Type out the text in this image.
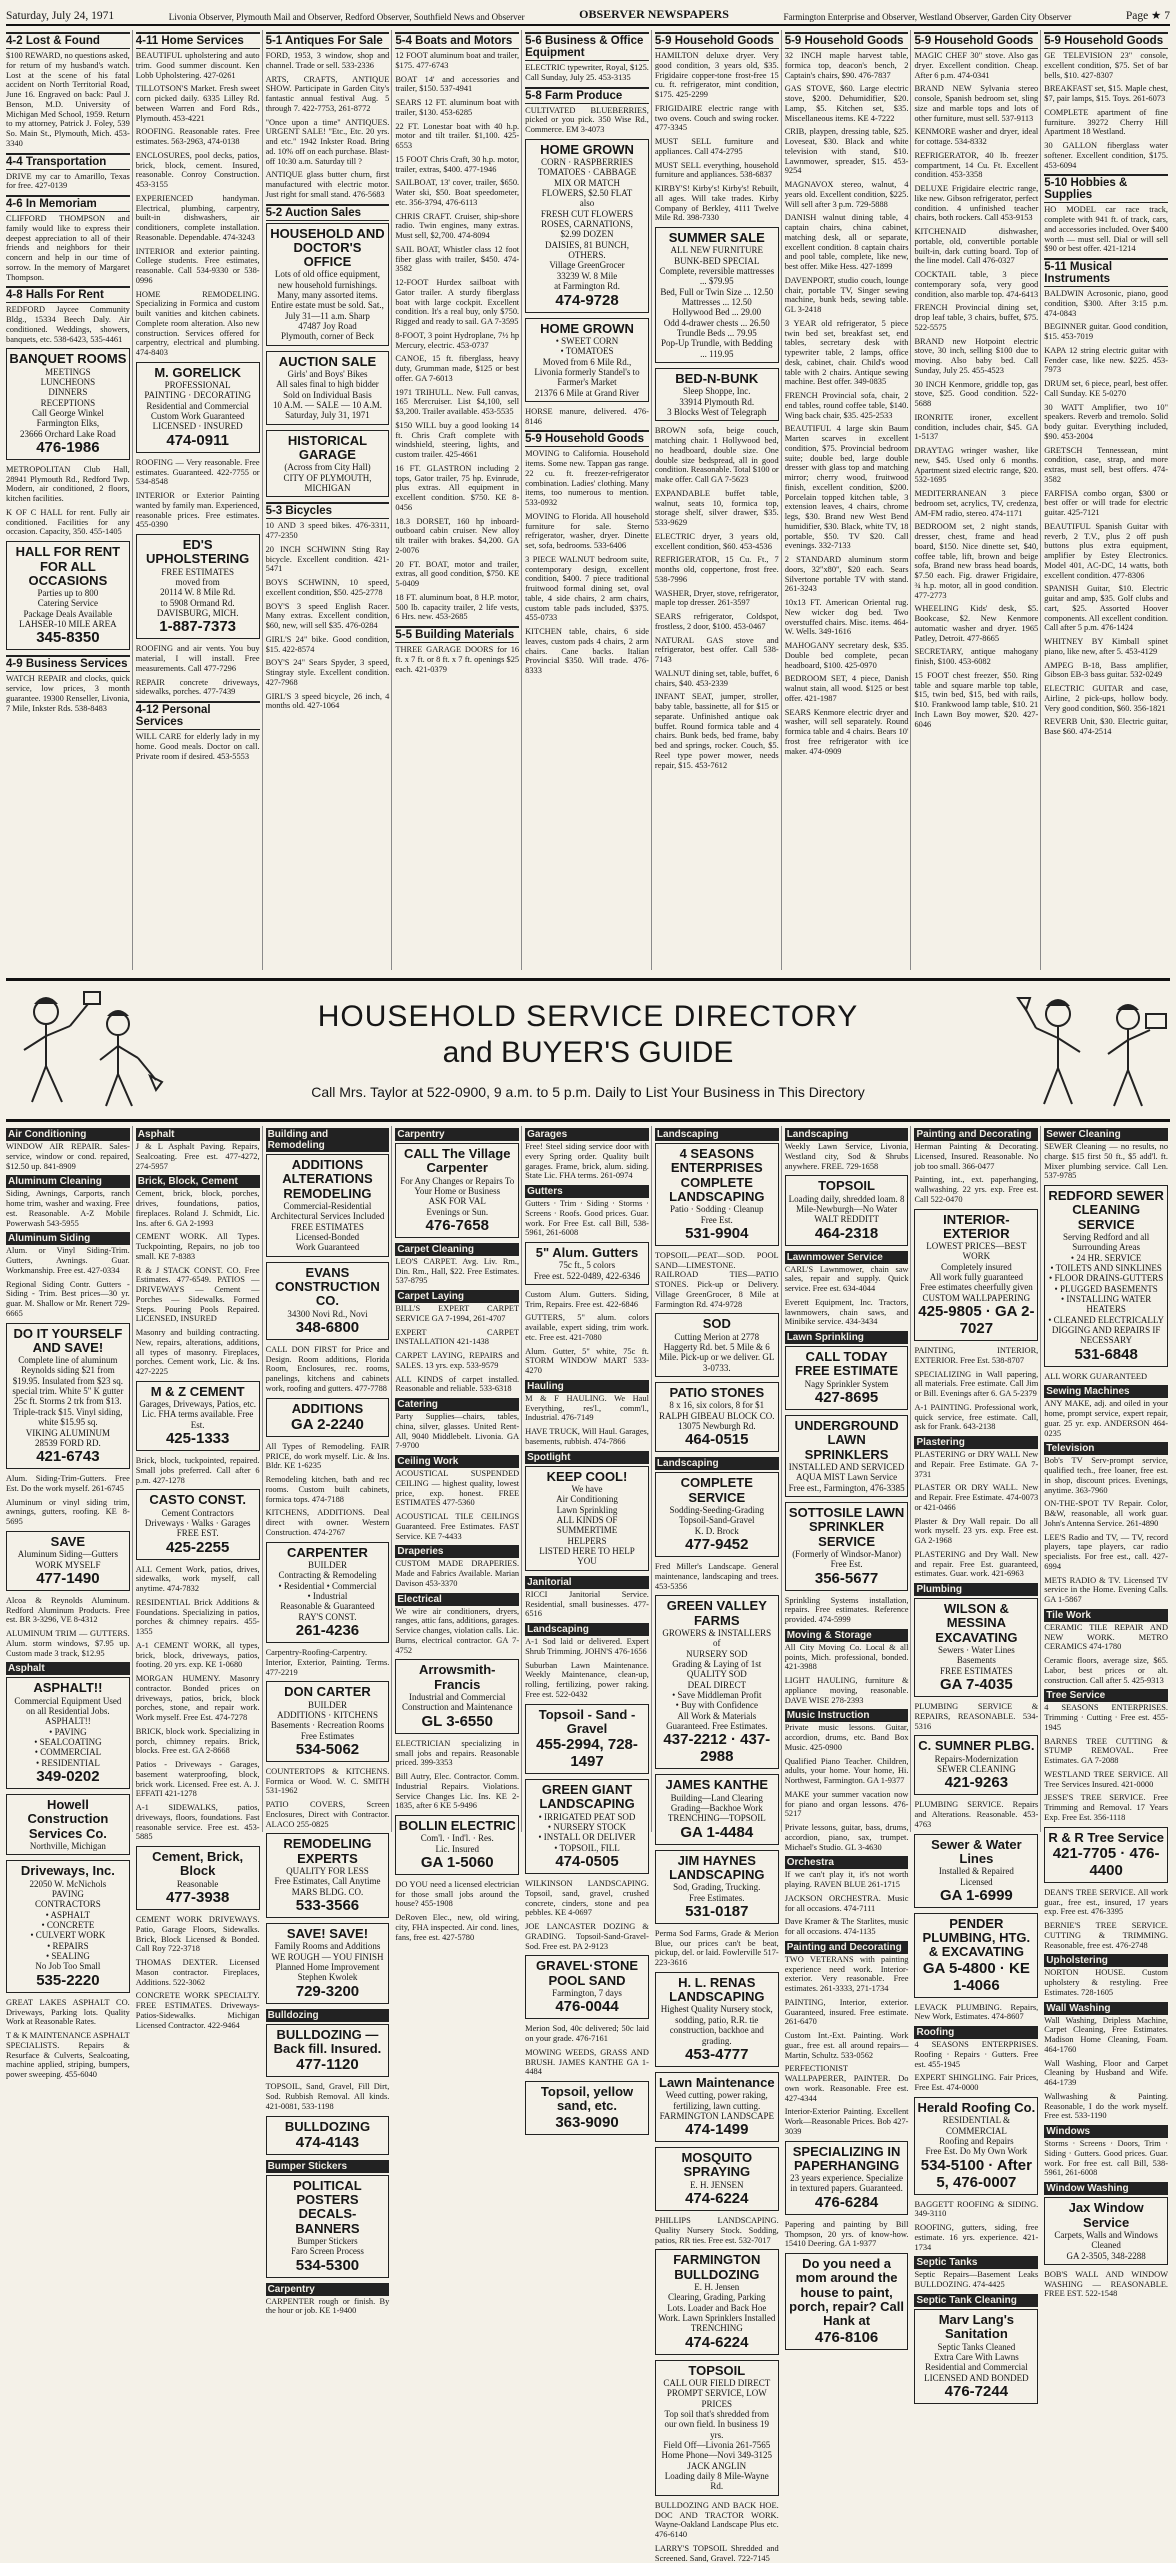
Saturday, July 24, 1971	Livonia Observer, Plymouth Mail and Observer, Redford Observer, Southfield News and Observer	OBSERVER NEWSPAPERS	Farmington Enterprise and Observer, Westland Observer, Garden City Observer	Page ★ 7
4-2 Lost & Found
$100 REWARD, no questions asked, for return of my husband's watch. Lost at the scene of his fatal accident on North Territorial Road, June 16. Engraved on back: Paul J. Benson, M.D. University of Michigan Med School, 1959. Return to my attorney, Patrick J. Foley, 539 So. Main St., Plymouth, Mich. 453-3340
4-4 Transportation
DRIVE my car to Amarillo, Texas for free. 427-0139
4-6 In Memoriam
CLIFFORD THOMPSON and family would like to express their deepest appreciation to all of their friends and neighbors for their concern and help in our time of sorrow. In the memory of Margaret Thompson.
4-8 Halls For Rent
REDFORD Jaycee Community Bldg., 15334 Beech Daly. Air conditioned. Weddings, showers, banquets, etc. 538-6423, 535-4461
BANQUET ROOMS
MEETINGS
LUNCHEONS
DINNERS
RECEPTIONS
Call George Winkel
Farmington Elks,
23666 Orchard Lake Road
476-1986
METROPOLITAN Club Hall, 28941 Plymouth Rd., Redford Twp. Modern, air conditioned, 2 floors, kitchen facilities.
K OF C HALL for rent. Fully air conditioned. Facilities for any occasion. Capacity, 350. 455-1405
HALL FOR RENT FOR ALL OCCASIONS
Parties up to 800
Catering Service
Package Deals Available
LAHSER-10 MILE AREA
345-8350
4-9 Business Services
WATCH REPAIR and clocks, quick service, low prices, 3 month guarantee. 19300 Renseller, Livonia, 7 Mile, Inkster Rds. 538-8483
4-11 Home Services
BEAUTIFUL upholstering and auto trim. Good summer discount. Ken Lobb Upholstering. 427-0261
TILLOTSON'S Market. Fresh sweet corn picked daily. 6335 Lilley Rd. between Warren and Ford Rds., Plymouth. 453-4221
ROOFING. Reasonable rates. Free estimates. 563-2963, 474-0138
ENCLOSURES, pool decks, patios, brick, block, cement. Insured, reasonable. Conroy Construction. 453-3155
EXPERIENCED handyman. Electrical, plumbing, carpentry, built-in dishwashers, air conditioners, complete installation. Reasonable. Dependable. 474-3243
INTERIOR and exterior painting. College students. Free estimates, reasonable. Call 534-9330 or 538-0996
HOME REMODELING. Specializing in Formica and custom built vanities and kitchen cabinets. Complete room alteration. Also new construction. Services offered for carpentry, electrical and plumbing. 474-8403
M. GORELICK
PROFESSIONAL
PAINTING · DECORATING
Residential and Commercial
Custom Work Guaranteed
LICENSED · INSURED
474-0911
ROOFING — Very reasonable. Free estimates. Guaranteed. 422-7755 or 534-8548
INTERIOR or Exterior Painting wanted by family man. Experienced, reasonable prices. Free estimates. 455-0390
ED'S UPHOLSTERING
FREE ESTIMATES
moved from
20114 W. 8 Mile Rd.
to 5908 Ormand Rd.
DAVISBURG, MICH.
1-887-7373
ROOFING and air vents. You buy material, I will install. Free measurements. Call 477-7296
REPAIR concrete driveways, sidewalks, porches. 477-7439
4-12 Personal Services
WILL CARE for elderly lady in my home. Good meals. Doctor on call. Private room if desired. 453-5553
5-1 Antiques For Sale
FORD, 1953, 3 window, shop and channel. Trade or sell. 533-2336
ARTS, CRAFTS, ANTIQUE SHOW. Participate in Garden City's fantastic annual festival Aug. 5 through 7. 422-7753, 261-8772
"Once upon a time" ANTIQUES. URGENT SALE! "Etc., Etc. 20 yrs. and etc." 1942 Inkster Road. Bring ad. 10% off on each purchase. Blast-off 10:30 a.m. Saturday till ?
ANTIQUE glass butter churn, first manufactured with electric motor. Just right for small stand. 476-5683
5-2 Auction Sales
HOUSEHOLD AND DOCTOR'S OFFICE
Lots of old office equipment, new household furnishings. Many, many assorted items. Entire estate must be sold. Sat., July 31—11 a.m. Sharp
47487 Joy Road
Plymouth, corner of Beck
AUCTION SALE
Girls' and Boys' Bikes
All sales final to high bidder
Sold on Individual Basis
10 A.M. — SALE — 10 A.M.
Saturday, July 31, 1971
HISTORICAL GARAGE
(Across from City Hall)
CITY OF PLYMOUTH,
MICHIGAN
5-3 Bicycles
10 AND 3 speed bikes. 476-3311, 477-2350
20 INCH SCHWINN Sting Ray bicycle. Excellent condition. 421-5471
BOYS SCHWINN, 10 speed, excellent condition, $50. 425-2778
BOY'S 3 speed English Racer. Many extras. Excellent condition, $60, new, will sell $35. 476-0284
GIRL'S 24" bike. Good condition, $15. 422-8574
BOY'S 24" Sears Spyder, 3 speed, Stingray style. Excellent condition. 427-7968
GIRL'S 3 speed bicycle, 26 inch, 4 months old. 427-1064
5-4 Boats and Motors
12 FOOT aluminum boat and trailer, $175. 477-6743
BOAT 14' and accessories and trailer, $150. 537-4941
SEARS 12 FT. aluminum boat with trailer, $130. 453-6285
22 FT. Lonestar boat with 40 h.p. motor and tilt trailer. $1,100. 425-6553
15 FOOT Chris Craft, 30 h.p. motor, trailer, extras, $400. 477-1946
SAILBOAT, 13' cover, trailer, $650. Water ski, $50. Boat speedometer, etc. 356-3794, 476-6113
CHRIS CRAFT. Cruiser, ship-shore radio. Twin engines, many extras. Must sell, $2,700. 474-8094
SAIL BOAT, Whistler class 12 foot fiber glass with trailer, $450. 474-3582
12-FOOT Hurdex sailboat with Gator trailer. A sturdy fiberglass boat with large cockpit. Excellent condition. It's a real buy, only $750. Rigged and ready to sail. GA 7-3595
8-FOOT, 3 point Hydroplane, 7½ hp Mercury, electric. 453-0737
CANOE, 15 ft. fiberglass, heavy duty, Grumman made, $125 or best offer. GA 7-6013
1971 TRIHULL. New. Full canvas, 165 Mercruiser. List $4,100, sell $3,200. Trailer available. 453-5535
$150 WILL buy a good looking 14 ft. Chris Craft complete with windshield, steering, lights, and custom trailer. 425-4661
16 FT. GLASTRON including 2 tops, Gator trailer, 75 hp. Evinrude, plus extras. All equipment in excellent condition. $750. KE 8-0456
18.3 DORSET, 160 hp inboard-outboard cabin cruiser. New alloy tilt trailer with brakes. $4,200. GA 2-0076
20 FT. BOAT, motor and trailer, extras, all good condition, $750. KE 5-0409
18 FT. aluminum boat, 8 H.P. motor, 500 lb. capacity trailer, 2 life vests, 6 Hrs. new. 453-2685
5-5 Building Materials
THREE GARAGE DOORS for 16 ft. x 7 ft. or 8 ft. x 7 ft. openings $25 each. 421-0379
5-6 Business & Office Equipment
ELECTRIC typewriter, Royal, $125. Call Sunday, July 25. 453-3135
5-8 Farm Produce
CULTIVATED BLUEBERRIES, picked or you pick. 350 Wise Rd., Commerce. EM 3-4073
HOME GROWN
CORN · RASPBERRIES
TOMATOES · CABBAGE
MIX OR MATCH
FLOWERS, $2.50 FLAT
also
FRESH CUT FLOWERS
ROSES, CARNATIONS,
$2.99 DOZEN
DAISIES, 81 BUNCH, OTHERS.
Village GreenGrocer
33239 W. 8 Mile
at Farmington Rd.
474-9728
HOME GROWN
• SWEET CORN
• TOMATOES
Moved from 6 Mile Rd., Livonia formerly Standel's to
Farmer's Market
21376 6 Mile at Grand River
HORSE manure, delivered. 476-8146
5-9 Household Goods
MOVING to California. Household items. Some new. Tappan gas range. 22 cu. ft. freezer-refrigerator combination. Ladies' clothing. Many items, too numerous to mention. 533-0932
MOVING to Florida. All household furniture for sale. Sterno refrigerator, washer, dryer. Dinette set, sofa, bedrooms. 533-6406
3 PIECE WALNUT bedroom suite, contemporary design, excellent condition, $400. 7 piece traditional fruitwood formal dining set, oval table, 4 side chairs, 2 arm chairs, custom table pads included, $375. 455-0733
KITCHEN table, chairs, 6 side leaves, custom pads 4 chairs, 2 arm chairs. Cane backs. Italian Provincial $350. Will trade. 476-8333
5-9 Household Goods
HAMILTON deluxe dryer. Very good condition, 3 years old, $35. Frigidaire copper-tone frost-free 15 cu. ft. refrigerator, mint condition, $175. 425-2299
FRIGIDAIRE electric range with two ovens. Couch and swing rocker. 477-3345
MUST SELL furniture and appliances. Call 474-2795
MUST SELL everything, household furniture and appliances. 538-6837
KIRBY'S! Kirby's! Kirby's! Rebuilt, all ages. Will take trades. Kirby Company of Berkley, 4111 Twelve Mile Rd. 398-7330
SUMMER SALE
ALL NEW FURNITURE
BUNK-BED SPECIAL
Complete, reversible mattresses ... $79.95
Bed, Full or Twin Size ... 12.50
Mattresses ... 12.50
Hollywood Bed ... 29.00
Odd 4-drawer chests ... 26.50
Trundle Beds ... 79.95
Pop-Up Trundle, with Bedding ... 119.95
BED-N-BUNK
Sleep Shoppe, Inc.
33914 Plymouth Rd.
3 Blocks West of Telegraph
BROWN sofa, beige couch, matching chair. 1 Hollywood bed, no headboard, double size. One double size bedspread, all in good condition. Reasonable. Total $100 or make offer. Call GA 7-5623
EXPANDABLE buffet table, walnut, seats 10, formica top, storage shelf, silver drawer, $35. 533-9629
ELECTRIC dryer, 3 years old, excellent condition, $60. 453-4536
REFRIGERATOR, 15 Cu. Ft., 7 months old, coppertone, frost free. 538-7996
WASHER, Dryer, stove, refrigerator, maple top dresser. 261-3597
SEARS refrigerator, Coldspot, frostless, 2 door, $100. 453-0467
NATURAL GAS stove and refrigerator, best offer. Call 538-7143
WALNUT dining set, table, buffet, 6 chairs, $40. 453-2339
INFANT SEAT, jumper, stroller, baby table, bassinette, all for $15 or separate. Unfinished antique oak buffet. Round formica table and 4 chairs. Bunk beds, bed frame, baby bed and springs, rocker. Couch, $5. Reel type power mower, needs repair, $15. 453-7612
5-9 Household Goods
32 INCH maple harvest table, formica top, deacon's bench, 2 Captain's chairs, $90. 476-7837
GAS STOVE, $60. Large electric stove, $200. Dehumidifier, $20. Lamp, $5. Kitchen set, $35. Miscellaneous items. KE 4-7222
CRIB, playpen, dressing table, $25. Loveseat, $30. Black and white television with stand, $10. Lawnmower, spreader, $15. 453-9254
MAGNAVOX stereo, walnut, 4 years old. Excellent condition, $225. Will sell after 3 p.m. 729-5888
DANISH walnut dining table, 4 captain chairs, china cabinet, matching desk, all or separate, excellent condition. 8 captain chairs and pool table, complete, like new, best offer. Mike Hess. 427-1899
DAVENPORT, studio couch, lounge chair, portable TV, Singer sewing machine, bunk beds, sewing table. GL 3-2418
3 YEAR old refrigerator, 5 piece twin bed set, breakfast set, end tables, secretary desk with typewriter table, 2 lamps, office desk, cabinet, chair. Child's wood table with 2 chairs. Antique sewing machine. Best offer. 349-0835
FRENCH Provincial sofa, chair, 2 end tables, round coffee table, $140. Wing back chair, $35. 425-2533
BEAUTIFUL 4 large skin Baum Marten scarves in excellent condition, $75. Provincial bedroom suite; double bed, large double dresser with glass top and matching mirror; cherry wood, fruitwood finish, excellent condition, $200. Porcelain topped kitchen table, 3 extension leaves, 4 chairs, chrome legs, $30. Brand new West Bend humidifier, $30. Black, white TV, 18 portable, $50. TV $20. Call evenings. 332-7133
2 STANDARD aluminum storm doors, 32"x80", $20 each. Sears Silvertone portable TV with stand. 261-3243
10x13 FT. American Oriental rug. New wicker dog bed. Two overstuffed chairs. Misc. items. 464-W. Wells. 349-1616
MAHOGANY secretary desk, $35. Double bed complete, pecan headboard, $100. 425-0970
BEDROOM SET, 4 piece, Danish walnut stain, all wood. $125 or best offer. 421-1987
SEARS Kenmore electric dryer and washer, will sell separately. Round formica table and 4 chairs. Bears 10' frost free refrigerator with ice maker. 474-0909
5-9 Household Goods
MAGIC CHEF 30" stove. Also gas dryer. Excellent condition. Cheap. After 6 p.m. 474-0341
BRAND NEW Sylvania stereo console, Spanish bedroom set, sling size and marble tops and lots of other furniture, must sell. 537-9113
KENMORE washer and dryer, ideal for cottage. 534-8332
REFRIGERATOR, 40 lb. freezer compartment, 14 Cu. Ft. Excellent condition. 453-3358
DELUXE Frigidaire electric range, like new. Gibson refrigerator, perfect condition. 4 unfinished teacher chairs, both rockers. Call 453-9153
KITCHENAID dishwasher, portable, old, convertible portable built-in, dark cutting board. Top of the line model. Call 476-0327
COCKTAIL table, 3 piece contemporary sofa, very good condition, also marble top. 474-6413
FRENCH Provincial dining set, drop leaf table, 3 chairs, buffet, $75. 522-5575
BRAND new Hotpoint electric stove, 30 inch, selling $100 due to moving. Also baby bed. Call Sunday, July 25. 455-4523
30 INCH Kenmore, griddle top, gas stove, $25. Good condition. 522-5688
IRONRITE ironer, excellent condition, includes chair, $45. GA 1-5137
DRAYTAG wringer washer, like new, $45. Used only 6 months. Apartment sized electric range, $20. 532-1695
MEDITERRANEAN 3 piece bedroom set, acrylics, TV, credenza, AM-FM radio, stereo. 474-1171
BEDROOM set, 2 night stands, dresser, chest, frame and head board, $150. Nice dinette set, $40, coffee table, lift, brown and beige sofa, Brand new brass head boards, $7.50 each. Fig. drawer Frigidaire, ¾ h.p. motor, all in good condition. 477-2773
WHEELING Kids' desk, $5. Bookcase, $2. New Kenmore automatic washer and dryer. 1965 Patley, Detroit. 477-8665
SECRETARY, antique mahogany finish, $100. 453-6082
15 FOOT chest freezer, $50. Ring table and square marble top table, $15, twin bed, $15, bed with rails, $10. Frankwood lamp table, $10. 21 Inch Lawn Boy mower, $20. 427-6046
5-9 Household Goods
GE TELEVISION 23" console, excellent condition, $75. Set of bar bells, $10. 427-8307
BREAKFAST set, $15. Maple chest, $7, pair lamps, $15. Toys. 261-6073
COMPLETE apartment of fine furniture. 39272 Cherry Hill Apartment 18 Westland.
30 GALLON fiberglass water softener. Excellent condition, $175. 453-6094
5-10 Hobbies & Supplies
HO MODEL car race track, complete with 941 ft. of track, cars, and accessories included. Over $400 worth — must sell. Dial or will sell $90 or best offer. 421-1214
5-11 Musical Instruments
BALDWIN Acrosonic, piano, good condition, $300. After 3:15 p.m. 474-0843
BEGINNER guitar. Good condition, $15. 453-7019
KAPA 12 string electric guitar with Fender case, like new. $225. 453-7973
DRUM set, 6 piece, pearl, best offer. Call Sunday. KE 5-0270
30 WATT Amplifier, two 10" speakers. Reverb and tremolo. Solid body guitar. Everything included, $90. 453-2004
GRETSCH Tennessean, mint condition, case, strap, and more extras, must sell, best offers. 474-3582
FARFISA combo organ, $300 or best offer or will trade for electric guitar. 425-7121
BEAUTIFUL Spanish Guitar with reverb, 2 T.V., plus 2 off push buttons plus extra equipment, amplifier by Estey Electronics. Model 401, AC-DC, 14 watts, both excellent condition. 477-8306
SPANISH Guitar, $10. Electric guitar and amp, $35. Golf clubs and cart, $25. Assorted Hoover components. All excellent condition. Call after 5 p.m. 476-1424
WHITNEY BY Kimball spinet piano, like new, after 5. 453-4129
AMPEG B-18, Bass amplifier, Gibson EB-3 bass guitar. 532-0249
ELECTRIC GUITAR and case, Airline, 2 pick-ups, hollow body. Very good condition, $60. 356-1821
REVERB Unit, $30. Electric guitar, Base $60. 474-2514
HOUSEHOLD SERVICE DIRECTORY
and BUYER'S GUIDE
Call Mrs. Taylor at 522-0900, 9 a.m. to 5 p.m. Daily to List Your Business in This Directory
Air Conditioning
WINDOW AIR REPAIR. Sales-service, window or cond. repaired, $12.50 up. 841-8909
Aluminum Cleaning
Siding, Awnings, Carports, ranch home trim, washer and waxing. Free est. Reasonable. A-Z Mobile Powerwash 543-5955
Aluminum Siding
Alum. or Vinyl Siding-Trim. Gutters, Awnings. Guar. Workmanship. Free est. 427-0334
Regional Siding Contr. Gutters - Siding - Trim. Best prices—30 yr. guar. M. Shallow or Mr. Renert 729-6665
DO IT YOURSELF AND SAVE!
Complete line of aluminum Reynolds siding $21 from $19.95. Insulated from $23 sq. special trim. White 5" K gutter 25c ft. Storms 2 trk from $13. Triple-track $15. Vinyl siding, white $15.95 sq.
VIKING ALUMINUM
28539 FORD RD.
421-6743
Alum. Siding-Trim-Gutters. Free Est. Do the work myself. 261-6745
Aluminum or vinyl siding trim, awnings, gutters, roofing. KE 8-5695
SAVE
Aluminum Siding—Gutters
WORK MYSELF
477-1490
Alcoa & Reynolds Aluminum. Redford Aluminum Products. Free est. BR 3-3296, VE 8-4312
ALUMINUM TRIM — GUTTERS. Alum. storm windows, $7.95 up. Custom made 3 track, $12.95
Asphalt
ASPHALT!!
Commercial Equipment Used on all Residential Jobs.
ASPHALT!!
• PAVING
• SEALCOATING
• COMMERCIAL
• RESIDENTIAL
349-0202
Howell Construction Services Co.
Northville, Michigan
Driveways, Inc.
22050 W. McNichols
PAVING
CONTRACTORS
• ASPHALT
• CONCRETE
• CULVERT WORK
• REPAIRS
• SEALING
No Job Too Small
535-2220
GREAT LAKES ASPHALT CO. Driveways, Parking lots. Quality Work at Reasonable Rates.
T & K MAINTENANCE ASPHALT SPECIALISTS. Repairs & Resurface & Culverts, Sealcoating, machine applied, striping, bumpers, power sweeping. 455-6040
Asphalt
J & L Asphalt Paving. Repairs, Sealcoating. Free est. 477-4272, 274-5957
Brick, Block, Cement
Cement, brick, block, porches, drives, foundations, patios, fireplaces. Roland J. Schmidt, Lic. Ins. after 6. GA 2-1993
CEMENT WORK. All Types. Tuckpointing, Repairs, no job too small. KE 7-8383
R & J STACK CONST. CO. Free Estimates. 477-6549. PATIOS — DRIVEWAYS — Cement — Porches — Sidewalks. Formed Steps. Pouring Pools Repaired. LICENSED, INSURED
Masonry and building contracting. New, repairs, alterations, additions, all types of masonry. Fireplaces, porches. Cement work, Lic. & Ins. 427-2225
M & Z CEMENT
Garages, Driveways, Patios, etc. Lic. FHA terms available. Free Est.
425-1333
Brick, block, tuckpointed, repaired. Small jobs preferred. Call after 6 p.m. 427-1278
CASTO CONST.
Cement Contractors
Driveways · Walks · Garages
FREE EST.
425-2255
ALL Cement Work, patios, drives, sidewalks, work myself, call anytime. 474-7832
RESIDENTIAL Brick Additions & Foundations. Specializing in patios, porches & chimney repairs. 455-1355
A-1 CEMENT WORK, all types, brick, block, driveways, patios, footing. 20 yrs. exp. KE 1-0680
MORGAN HUMENY. Masonry contractor. Bonded prices on driveways, patios, brick, block porches, stone, and repair work. Work myself. Free Est. 474-7278
BRICK, block work. Specializing in porch, chimney repairs. Brick, blocks. Free est. GA 2-8668
Patios - Driveways - Garages, basement waterproofing, block, brick work. Licensed. Free est. A. J. EFFATI 421-1278
A-1 SIDEWALKS, patios, driveways, floors, foundations. Fast reasonable service. Free est. 453-5885
Cement, Brick, Block
Reasonable
477-3938
CEMENT WORK DRIVEWAYS. Patio, Garage Floors, Sidewalks. Brick, Block Licensed & Bonded. Call Roy 722-3718
THOMAS DEXTER. Licensed Mason contractor. Fireplaces, Additions. 522-3062
CONCRETE WORK SPECIALTY. FREE ESTIMATES. Driveways-Patios-Sidewalks. Michigan Licensed Contractor. 422-9464
Building and Remodeling
ADDITIONS ALTERATIONS REMODELING
Commercial-Residential
Architectural Services Included
FREE ESTIMATES
Licensed-Bonded
Work Guaranteed
EVANS CONSTRUCTION CO.
34300 Novi Rd., Novi
348-6800
CALL DON FIRST for Price and Design. Room additions, Florida Room, Enclosures, rec. rooms, panelings, kitchens and cabinets work, roofing and gutters. 477-7788
ADDITIONS
GA 2-2240
All Types of Remodeling. FAIR PRICE, do work myself. Lic. & Ins. Bldr. KE 1-6235
Remodeling kitchen, bath and rec rooms. Custom built cabinets, formica tops. 474-7188
KITCHENS, ADDITIONS. Deal direct with owner. Western Construction. 474-2767
CARPENTER
BUILDER
Contracting & Remodeling
• Residential • Commercial
• Industrial
Reasonable & Guaranteed
RAY'S CONST.
261-4236
Carpentry-Roofing-Carpentry. Interior, Exterior, Painting. Terms. 477-2219
DON CARTER
BUILDER
ADDITIONS · KITCHENS
Basements · Recreation Rooms
Free Estimates
534-5062
COUNTERTOPS & KITCHENS. Formica or Wood. W. C. SMITH 531-1962
PATIO COVERS, Screen Enclosures, Direct with Contractor. ALACO 255-0825
REMODELING EXPERTS
QUALITY FOR LESS
Free Estimates, Call Anytime
MARS BLDG. CO.
533-3566
SAVE! SAVE!
Family Rooms and Additions
WE ROUGH — YOU FINISH
Planned Home Improvement
Stephen Kwolek
729-3200
Bulldozing
BULLDOZING — Back fill. Insured.
477-1120
TOPSOIL, Sand, Gravel, Fill Dirt, Sod. Rubbish Removal. All kinds. 421-0081, 533-1198
BULLDOZING
474-4143
Bumper Stickers
POLITICAL POSTERS DECALS-BANNERS
Bumper Stickers
Faro Screen Process
534-5300
Carpentry
CARPENTER rough or finish. By the hour or job. KE 1-9400
Carpentry
CALL The Village Carpenter
For Any Changes or Repairs To Your Home or Business
ASK FOR VAL
Evenings or Sun.
476-7658
Carpet Cleaning
LEO'S CARPET. Avg. Liv. Rm., Din. Rm., Hall, $22. Free Estimates. 537-8795
Carpet Laying
BILL'S EXPERT CARPET SERVICE GA 7-1994, 261-4707
EXPERT CARPET INSTALLATION 421-1438
CARPET LAYING, REPAIRS and SALES. 13 yrs. exp. 533-9579
ALL KINDS of carpet installed. Reasonable and reliable. 533-6318
Catering
Party Supplies—chairs, tables, china, silver, glasses. United Rent-All, 9040 Middlebelt. Livonia. GA 7-9700
Ceiling Work
ACOUSTICAL SUSPENDED CEILING — highest quality, lowest price, exp. honest. FREE ESTIMATES 477-5360
ACOUSTICAL TILE CEILINGS Guaranteed. Free Estimates. FAST Service. KE 7-4433
Draperies
CUSTOM MADE DRAPERIES. Made and Fabrics Available. Marian Davison 453-3370
Electrical
We wire air conditioners, dryers, ranges, attic fans, additions, garages. Service changes, violation calls. Lic. Burns, electrical contractor. GA 7-4752
Arrowsmith-Francis
Industrial and Commercial
Construction and Maintenance
GL 3-6550
ELECTRICIAN specializing in small jobs and repairs. Reasonable priced. 399-3353
Bill Autry, Elec. Contractor. Comm. Industrial Repairs. Violations. Service Changes Lic. Ins. KE 2-1835, after 6 KE 5-9496
BOLLIN ELECTRIC
Com'l. · Ind'l. · Res.
Lic. Insured
GA 1-5060
DO YOU need a licensed electrician for those small jobs around the house? 455-1908
DeRoven Elec., new, old wiring, city, FHA inspected. Air cond. lines, fans, free est. 427-5780
Garages
Free! Steel siding service door with every Spring order. Quality built garages. Frame, brick, alum. siding. State Lic. FHA terms. 261-0974
Gutters
Gutters · Trim · Siding · Storms · Screens · Roofs. Good prices. Guar. work. For Free Est. call Bill, 538-5961, 261-6008
5" Alum. Gutters
75c ft., 5 colors
Free est. 522-0489, 422-6346
Custom Alum. Gutters. Siding, Trim, Repairs. Free est. 422-6846
GUTTERS, 5" alum. colors available, expert siding, trim work. etc. Free est. 421-7080
Alum. Gutter, 5" white, 75c ft. STORM WINDOW MART 533-4270
Hauling
M & F HAULING. We Haul Everything, res'l., comm'l., Industrial. 476-7149
HAVE TRUCK, Will Haul. Garages, basements, rubbish. 474-7866
Spotlight
KEEP COOL!
We have
Air Conditioning
Lawn Sprinkling
ALL KINDS OF
SUMMERTIME
HELPERS
LISTED HERE TO HELP
YOU
Janitorial
RICCI Janitorial Service. Residential, small businesses. 477-6516
Landscaping
A-1 Sod laid or delivered. Expert Shrub Trimming. JOHN'S 476-1656
Suburban Lawn Maintenance. Weekly Maintenance, clean-up, rolling, fertilizing, power raking. Free est. 522-0432
Topsoil - Sand - Gravel
455-2994, 728-1497
GREEN GIANT LANDSCAPING
• IRRIGATED PEAT SOD
• NURSERY STOCK
• INSTALL OR DELIVER
• TOPSOIL, FILL
474-0505
WILKINSON LANDSCAPING. Topsoil, sand, gravel, crushed concrete, cinders, stone and pea pebbles. KE 4-0697
JOE LANCASTER DOZING & GRADING. Topsoil-Sand-Gravel-Sod. Free est. PA 2-9123
GRAVEL·STONE POOL SAND
Farmington, 7 days
476-0044
Merion Sod, 40c delivered; 50c laid on your grade. 476-7161
MOWING WEEDS, GRASS AND BRUSH. JAMES KANTHE GA 1-4484
Topsoil, yellow sand, etc.
363-9090
Landscaping
4 SEASONS ENTERPRISES COMPLETE LANDSCAPING
Patio · Sodding · Cleanup
Free Est.
531-9904
TOPSOIL—PEAT—SOD. POOL SAND—LIMESTONE. RAILROAD TIES—PATIO STONES. Pick-up or Delivery. Village GreenGrocer, 8 Mile at Farmington Rd. 474-9728
SOD
Cutting Merion at 2778 Haggerty Rd. bet. 5 Mile & 6 Mile. Pick-up or we deliver. GL 3-0733.
PATIO STONES
8 x 16, six colors, 8 for $1
RALPH GIBEAU BLOCK CO.
13075 Newburgh Rd.
464-0515
Landscaping
COMPLETE SERVICE
Sodding-Seeding-Grading
Topsoil-Sand-Gravel
K. D. Brock
477-9452
Fred Miller's Landscape. General maintenance, landscaping and trees. 453-5356
GREEN VALLEY FARMS
GROWERS & INSTALLERS of
NURSERY SOD
Grading & Laying of 1st QUALITY SOD
DEAL DIRECT
• Save Middleman Profit
• Buy with Confidence
All Work & Materials Guaranteed. Free Estimates.
437-2212 · 437-2988
JAMES KANTHE
Building—Land Clearing
Grading—Backhoe Work
TRENCHING—TOPSOIL
GA 1-4484
JIM HAYNES LANDSCAPING
Sod, Grading, Trucking.
Free Estimates.
531-0187
Perma Sod Farms, Grade & Merion Blue, our prices can't be beat, pickup, del. or laid. Fowlerville 517-223-3616
H. L. RENAS LANDSCAPING
Highest Quality Nursery stock, sodding, patio, R.R. tie construction, backhoe and grading.
453-4777
Lawn Maintenance
Weed cutting, power raking, fertilizing, lawn cutting.
FARMINGTON LANDSCAPE
474-1499
MOSQUITO SPRAYING
E. H. JENSEN
474-6224
PHILLIPS LANDSCAPING. Quality Nursery Stock. Sodding, patios, RR ties. Free est. 532-7017
FARMINGTON BULLDOZING
E. H. Jensen
Clearing, Grading, Parking Lots. Loader and Back Hoe Work. Lawn Sprinklers Installed
TRENCHING
474-6224
TOPSOIL
CALL OUR FIELD DIRECT
PROMPT SERVICE, LOW PRICES
Top soil that's shredded from our own field. In business 19 yrs.
Field Off—Livonia 261-7565
Home Phone—Novi 349-3125
JACK ANGLIN
Loading daily 8 Mile-Wayne Rd.
BULLDOZING AND BACK HOE. DOC AND TRACTOR WORK. Wayne-Oakland Landscape Plus etc. 476-6140
LARRY'S TOPSOIL Shredded and Screened. Sand, Gravel. 722-7145
Landscaping
Weekly Lawn Service, Livonia, Westland city, Sod & Shrubs anywhere. FREE. 729-1658
TOPSOIL
Loading daily, shredded loam. 8 Mile-Newburgh—No Water
WALT REDDITT
464-2318
Lawnmower Service
CARL'S Lawnmower, chain saw sales, repair and supply. Quick service. Free est. 634-4044
Everett Equipment, Inc. Tractors, lawnmowers, chain saws, and Minibike service. 434-3434
Lawn Sprinkling
CALL TODAY FREE ESTIMATE
Nagy Sprinkler System
427-8695
UNDERGROUND LAWN SPRINKLERS
INSTALLED AND SERVICED
AQUA MIST Lawn Service
Free est., Farmington, 476-3385
SOTTOSILE LAWN SPRINKLER SERVICE
(Formerly of Windsor-Manor)
Free Est.
356-5677
Sprinkling Systems installation, repairs. Free estimates. Reference provided. 474-5999
Moving & Storage
All City Moving Co. Local & all points, Mich. professional, bonded. 421-3988
LIGHT HAULING, furniture & appliance moving, reasonable. DAVE WISE 278-2393
Music Instruction
Private music lessons. Guitar, accordion, drums, etc. Band Box Music. 425-0900
Qualified Piano Teacher. Children, adults, your home. Your home, Hi. Northwest, Farmington. GA 1-9377
MAKE your summer vacation now for piano and organ lessons. 476-5217
Private lessons, guitar, bass, drums, accordion, piano, sax, trumpet. Michael's Studio. GL 3-4630
Orchestra
If we can't play it, it's not worth playing. RAVEN BLUE 261-1715
JACKSON ORCHESTRA. Music for all occasions. 474-7111
Dave Kramer & The Starlites, music for all occasions. 474-1135
Painting and Decorating
TWO VETERANS with painting experience need work. Interior-exterior. Very reasonable. Free estimates. 261-3333, 271-1734
PAINTING, Interior, exterior. Guaranteed, insured. Free estimate. 261-6470
Custom Int.-Ext. Painting. Work guar., free est. all around repairs—Martin, Schultz. 533-0562
PERFECTIONIST WALLPAPERER, PAINTER. Do own work. Reasonable. Free est. 427-4344
Interior-Exterior Painting. Excellent Work—Reasonable Prices. Bob 427-3039
SPECIALIZING IN PAPERHANGING
23 years experience. Specialize in textured papers. Guaranteed.
476-6284
Papering and painting by Bill Thompson, 20 yrs. of know-how. 15410 Deering. GA 1-9377
Do you need a mom around the house to paint, porch, repair? Call Hank at
476-8106
Painting and Decorating
Herman Painting & Decorating. Licensed, Insured. Reasonable. No job too small. 366-0477
Painting, int., ext. paperhanging, wallwashing. 22 yrs. exp. Free est. Call 522-0470
INTERIOR-EXTERIOR
LOWEST PRICES—BEST WORK
Completely insured
All work fully guaranteed
Free estimates cheerfully given
CUSTOM WALLPAPERING
425-9805 · GA 2-7027
PAINTING, INTERIOR, EXTERIOR. Free Est. 538-8707
SPECIALIZING in Wall papering, all materials. Free estimate. Call Jim or Bill. Evenings after 6. GA 5-2379
A-1 PAINTING. Professional work, quick service, free estimate. Call, ask for Frank. 643-2138
Plastering
PLASTERING or DRY WALL New and Repair. Free Estimate. GA 7-3731
PLASTER OR DRY WALL. New and Repair. Free Estimate. 474-0073 or 421-0466
Plaster & Dry Wall repair. Do all work myself. 23 yrs. exp. Free est. GA 2-1968
PLASTERING and Dry Wall. New and repair. Free Est. guaranteed, estimates. Guar. work. 421-6963
Plumbing
WILSON & MESSINA EXCAVATING
Sewers · Water Lines
Basements
FREE ESTIMATES
GA 7-4035
PLUMBING SERVICE & REPAIRS, REASONABLE. 534-5316
C. SUMNER PLBG.
Repairs-Modernization
SEWER CLEANING
421-9263
PLUMBING SERVICE. Repairs and Alterations. Reasonable. 453-4763
Sewer & Water Lines
Installed & Repaired
Licensed
GA 1-6999
PENDER PLUMBING, HTG. & EXCAVATING
GA 5-4800 · KE 1-4066
LEVACK PLUMBING. Repairs, New Work, Estimates. 474-8607
Roofing
4 SEASONS ENTERPRISES. Roofing · Repairs · Gutters. Free est. 455-1945
EXPERT SHINGLING. Fair Prices, Free Est. 474-0000
Herald Roofing Co.
RESIDENTIAL & COMMERCIAL
Roofing and Repairs
Free Est. Do My Own Work
534-5100 · After 5, 476-0007
BAGGETT ROOFING & SIDING. 349-3110
ROOFING, gutters, siding, free estimate. 16 yrs. experience. 421-1734
Septic Tanks
Septic Repairs—Basement Leaks BULLDOZING. 474-4425
Septic Tank Cleaning
Marv Lang's Sanitation
Septic Tanks Cleaned
Extra Care With Lawns
Residential and Commercial
LICENSED AND BONDED
476-7244
Sewer Cleaning
SEWER Cleaning — no results, no charge. $15 first 50 ft., $5 add'l. ft. Mixer plumbing service. Call Len. 537-9785
REDFORD SEWER CLEANING SERVICE
Serving Redford and all Surrounding Areas
• 24 HR. SERVICE
• TOILETS AND SINKLINES
• FLOOR DRAINS-GUTTERS
• PLUGGED BASEMENTS
• INSTALLING WATER HEATERS
• CLEANED ELECTRICALLY
DIGGING AND REPAIRS IF NECESSARY
531-6848
ALL WORK GUARANTEED
Sewing Machines
ANY MAKE, adj. and oiled in your home, prompt service, expert repair, guar. 25 yr. exp. ANDERSON 464-0235
Television
Bob's TV Serv-prompt service, qualified tech., free loaner, free est. in shop, discount prices. Evenings, anytime. 363-7960
ON-THE-SPOT TV Repair. Color, B&W, reasonable, all work guar. John's Antenna Service. 261-4890
LEE'S Radio and TV, — TV, record players, tape players, car radio specialists. For free est., call. 427-6994
METS RADIO & TV. Licensed TV service in the Home. Evening Calls. GA 1-5867
Tile Work
CERAMIC TILE REPAIR AND NEW WORK. METRO CERAMICS 474-1780
Ceramic floors, average size, $65. Labor, best prices or alt. construction. Call after 5. 425-9313
Tree Service
4 SEASONS ENTERPRISES. Trimming · Cutting · Free est. 455-1945
BARNES TREE CUTTING & STUMP REMOVAL. Free Estimates. GA 7-2088
WESTLAND TREE SERVICE. All Tree Services Insured. 421-0000
JESSE'S TREE SERVICE. Free Trimming and Removal. 17 Years Exp. Free Est. 356-1118
R & R Tree Service
421-7705 · 476-4400
DEAN'S TREE SERVICE. All work guar., free est., insured, 17 years exp. Free est. 476-3395
BERNIE'S TREE SERVICE. CUTTING & TRIMMING. Reasonable, free est. 476-2748
Upholstering
NORTON HOUSE. Custom upholstery & restyling. Free Estimates. 728-1605
Wall Washing
Wall Washing, Dripless Machine, Carpet Cleaning, Free Estimates. Madison Home Cleaning, Foam. 464-1760
Wall Washing, Floor and Carpet Cleaning by Husband and Wife. 464-1739
Wallwashing & Painting. Reasonable, I do the work myself. Free est. 533-1190
Windows
Storms · Screens · Doors, Trim · Siding · Gutters. Good prices. Guar. work. For free est. call Bill, 538-5961, 261-6008
Window Washing
Jax Window Service
Carpets, Walls and Windows Cleaned
GA 2-3505, 348-2288
BOB'S WALL AND WINDOW WASHING — REASONABLE. FREE EST. 522-1548
